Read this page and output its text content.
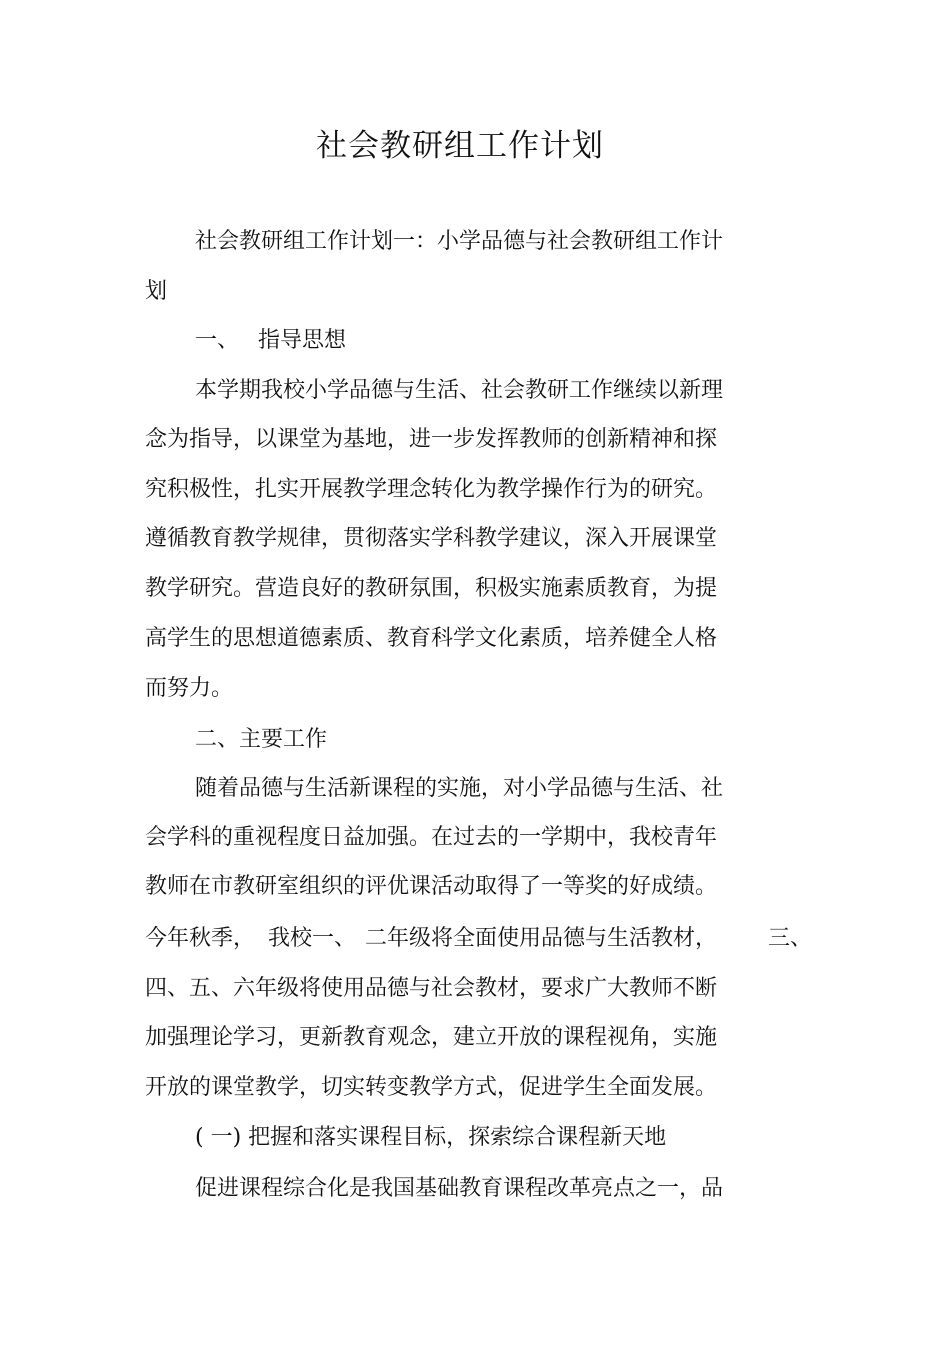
社会教研组工作计划
社会教研组工作计划一：小学品德与社会教研组工作计
划
一、 指导思想
本学期我校小学品德与生活、社会教研工作继续以新理
念为指导，以课堂为基地，进一步发挥教师的创新精神和探
究积极性，扎实开展教学理念转化为教学操作行为的研究。
遵循教育教学规律，贯彻落实学科教学建议，深入开展课堂
教学研究。营造良好的教研氛围，积极实施素质教育，为提
高学生的思想道德素质、教育科学文化素质，培养健全人格
而努力。
二、主要工作
随着品德与生活新课程的实施，对小学品德与生活、社
会学科的重视程度日益加强。在过去的一学期中，我校青年
教师在市教研室组织的评优课活动取得了一等奖的好成绩。
今年秋季， 我校一、 二年级将全面使用品德与生活教材， 三、
四、五、六年级将使用品德与社会教材，要求广大教师不断
加强理论学习，更新教育观念，建立开放的课程视角，实施
开放的课堂教学，切实转变教学方式，促进学生全面发展。
( 一) 把握和落实课程目标，探索综合课程新天地
促进课程综合化是我国基础教育课程改革亮点之一，品
